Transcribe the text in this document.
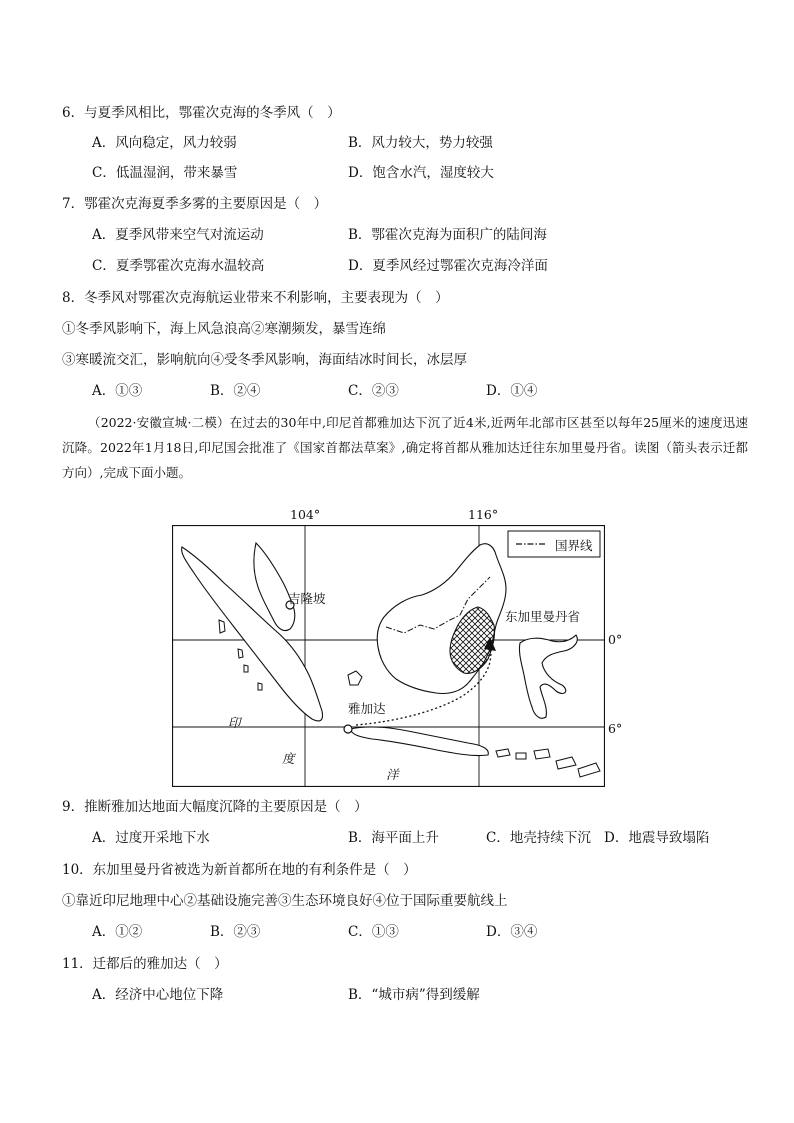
6．与夏季风相比，鄂霍次克海的冬季风（　）
A．风向稳定，风力较弱	B．风力较大，势力较强
C．低温湿润，带来暴雪	D．饱含水汽，湿度较大
7．鄂霍次克海夏季多雾的主要原因是（　）
A．夏季风带来空气对流运动	B．鄂霍次克海为面积广的陆间海
C．夏季鄂霍次克海水温较高	D．夏季风经过鄂霍次克海冷洋面
8．冬季风对鄂霍次克海航运业带来不利影响，主要表现为（　）
①冬季风影响下，海上风急浪高②寒潮频发，暴雪连绵
③寒暖流交汇，影响航向④受冬季风影响，海面结冰时间长，冰层厚
A．①③	B．②④	C．②③	D．①④
（2022·安徽宣城·二模）在过去的30年中,印尼首都雅加达下沉了近4米,近两年北部市区甚至以每年25厘米的速度迅速沉降。2022年1月18日,印尼国会批准了《国家首都法草案》,确定将首都从雅加达迁往东加里曼丹省。读图（箭头表示迁都方向）,完成下面小题。
104°	116°
0°
6°
国界线
吉隆坡
东加里曼丹省
雅加达
印
度
洋
9．推断雅加达地面大幅度沉降的主要原因是（　）
A．过度开采地下水	B．海平面上升	C．地壳持续下沉 D．地震导致塌陷
10．东加里曼丹省被选为新首都所在地的有利条件是（　）
①靠近印尼地理中心②基础设施完善③生态环境良好④位于国际重要航线上
A．①②	B．②③	C．①③	D．③④
11．迁都后的雅加达（　）
A．经济中心地位下降	B．“城市病”得到缓解
